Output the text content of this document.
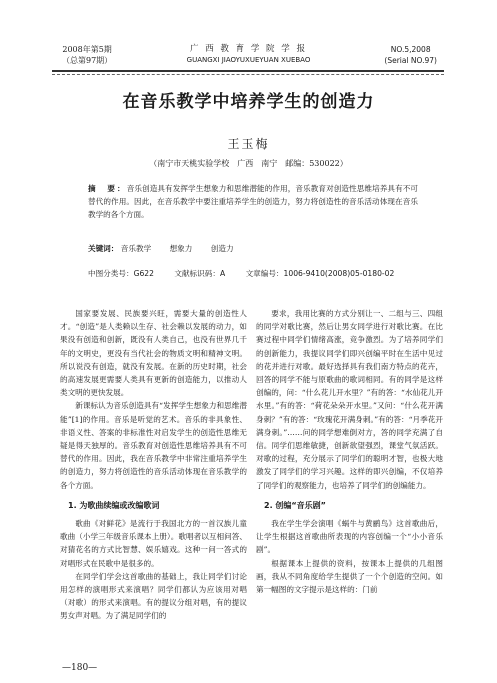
2008年第5期
（总第97期）
广 西 教 育 学 院 学 报
GUANGXI JIAOYUXUEYUAN XUEBAO
NO.5,2008
(Serial NO.97)
在音乐教学中培养学生的创造力
王玉梅
（南宁市天桃实验学校　广西　南宁　邮编：530022）
摘　要：音乐创造具有发挥学生想象力和思维潜能的作用，音乐教育对创造性思维培养具有不可替代的作用。因此，在音乐教学中要注重培养学生的创造力，努力将创造性的音乐活动体现在音乐教学的各个方面。
关键词： 音乐教学 想象力 创造力
中图分类号：G622	文献标识码：A	文章编号：1006-9410(2008)05-0180-02

国家要发展、民族要兴旺，需要大量的创造性人才。“创造”是人类赖以生存、社会赖以发展的动力，如果没有创造和创新，既没有人类自己，也没有世界几千年的文明史，更没有当代社会的物质文明和精神文明。所以说没有创造，就没有发展。在新的历史时期，社会的高速发展更需要人类具有更新的创造能力，以推动人类文明的更快发展。

新课标认为音乐创造具有“发挥学生想象力和思维潜能”[1]的作用。音乐是听觉的艺术。音乐的非具象性、非语义性、答案的非标准性对启发学生的创造性思维无疑是得天独厚的。音乐教育对创造性思维培养具有不可替代的作用。因此，我在音乐教学中非常注重培养学生的创造力，努力将创造性的音乐活动体现在音乐教学的各个方面。

1. 为歌曲续编或改编歌词

歌曲《对鲜花》是流行于我国北方的一首汉族儿童歌曲（小学三年级音乐课本上册）。歌唱者以互相问答、对猜花名的方式比智慧、娱乐嬉戏。这种一问一答式的对唱形式在民歌中是很多的。

在同学们学会这首歌曲的基础上，我让同学们讨论用怎样的演唱形式来演唱？同学们都认为应该用对唱（对歌）的形式来演唱。有的提议分组对唱，有的提议男女声对唱。为了满足同学们的

要求，我用比赛的方式分别让一、二组与三、四组的同学对歌比赛，然后让男女同学进行对歌比赛。在比赛过程中同学们情绪高涨，竞争激烈。为了培养同学们的创新能力，我提议同学们即兴创编平时在生活中见过的花并进行对歌。最好选择具有我们南方特点的花卉，回答的同学不能与原歌曲的歌词相同。有的同学是这样创编的，问：“什么花儿开水里？”有的答：“水仙花儿开水里。”有的答：“荷花朵朵开水里。”又问：“什么花开满身刺？”有的答：“玫瑰花开满身刺。”有的答：“月季花开满身刺。”……问的同学想难倒对方，答的同学充满了自信。同学们思维敏捷，创新欲望强烈，课堂气氛活跃。对歌的过程，充分展示了同学们的聪明才智，也极大地激发了同学们的学习兴趣。这样的即兴创编，不仅培养了同学们的观察能力，也培养了同学们的创编能力。

2. 创编“音乐剧”

我在学生学会演唱《蜗牛与黄鹂鸟》这首歌曲后，让学生根据这首歌曲所表现的内容创编一个“小小音乐剧”。

根据课本上提供的资料，按课本上提供的几组图画，我从不同角度给学生提供了一个个创造的空间。如第一幅图的文字提示是这样的：门前

—180—
